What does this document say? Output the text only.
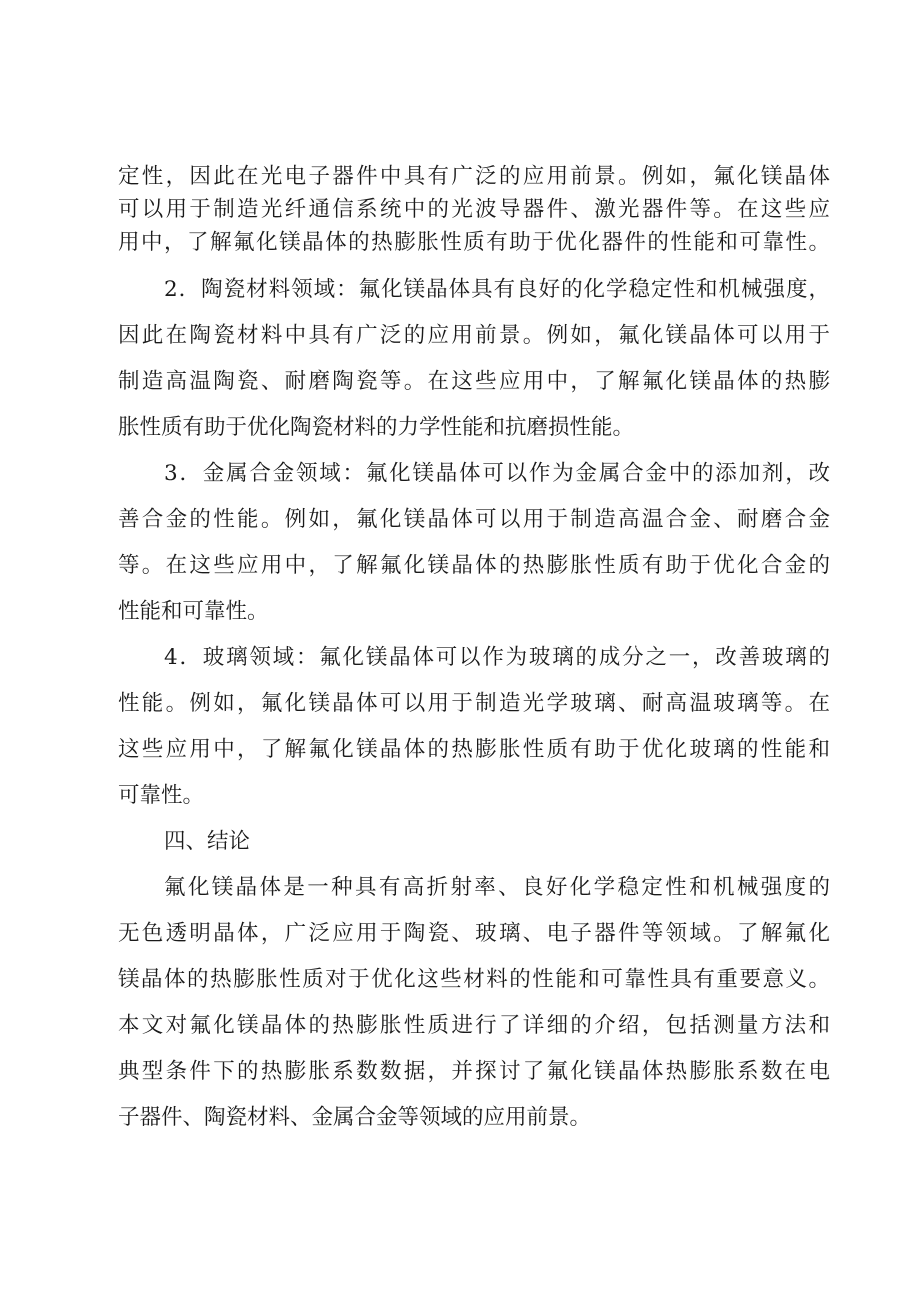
定性，因此在光电子器件中具有广泛的应用前景。例如，氟化镁晶体
可以用于制造光纤通信系统中的光波导器件、激光器件等。在这些应
用中，了解氟化镁晶体的热膨胀性质有助于优化器件的性能和可靠性。
2．陶瓷材料领域：氟化镁晶体具有良好的化学稳定性和机械强度，
因此在陶瓷材料中具有广泛的应用前景。例如，氟化镁晶体可以用于
制造高温陶瓷、耐磨陶瓷等。在这些应用中，了解氟化镁晶体的热膨
胀性质有助于优化陶瓷材料的力学性能和抗磨损性能。
3．金属合金领域：氟化镁晶体可以作为金属合金中的添加剂，改
善合金的性能。例如，氟化镁晶体可以用于制造高温合金、耐磨合金
等。在这些应用中，了解氟化镁晶体的热膨胀性质有助于优化合金的
性能和可靠性。
4．玻璃领域：氟化镁晶体可以作为玻璃的成分之一，改善玻璃的
性能。例如，氟化镁晶体可以用于制造光学玻璃、耐高温玻璃等。在
这些应用中，了解氟化镁晶体的热膨胀性质有助于优化玻璃的性能和
可靠性。
四、结论
氟化镁晶体是一种具有高折射率、良好化学稳定性和机械强度的
无色透明晶体，广泛应用于陶瓷、玻璃、电子器件等领域。了解氟化
镁晶体的热膨胀性质对于优化这些材料的性能和可靠性具有重要意义。
本文对氟化镁晶体的热膨胀性质进行了详细的介绍，包括测量方法和
典型条件下的热膨胀系数数据，并探讨了氟化镁晶体热膨胀系数在电
子器件、陶瓷材料、金属合金等领域的应用前景。
